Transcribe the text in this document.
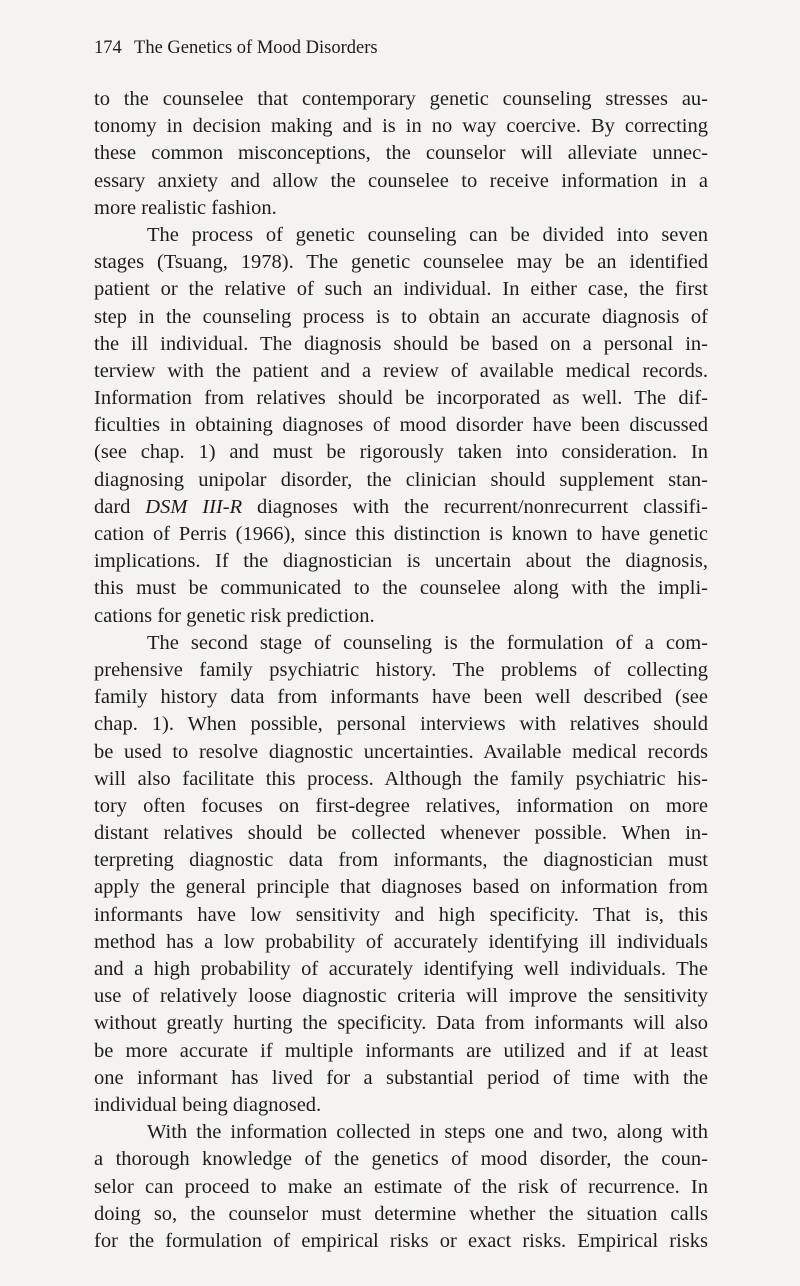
174 The Genetics of Mood Disorders
to the counselee that contemporary genetic counseling stresses au-
tonomy in decision making and is in no way coercive. By correcting
these common misconceptions, the counselor will alleviate unnec-
essary anxiety and allow the counselee to receive information in a
more realistic fashion.
The process of genetic counseling can be divided into seven
stages (Tsuang, 1978). The genetic counselee may be an identified
patient or the relative of such an individual. In either case, the first
step in the counseling process is to obtain an accurate diagnosis of
the ill individual. The diagnosis should be based on a personal in-
terview with the patient and a review of available medical records.
Information from relatives should be incorporated as well. The dif-
ficulties in obtaining diagnoses of mood disorder have been discussed
(see chap. 1) and must be rigorously taken into consideration. In
diagnosing unipolar disorder, the clinician should supplement stan-
dard DSM III-R diagnoses with the recurrent/nonrecurrent classifi-
cation of Perris (1966), since this distinction is known to have genetic
implications. If the diagnostician is uncertain about the diagnosis,
this must be communicated to the counselee along with the impli-
cations for genetic risk prediction.
The second stage of counseling is the formulation of a com-
prehensive family psychiatric history. The problems of collecting
family history data from informants have been well described (see
chap. 1). When possible, personal interviews with relatives should
be used to resolve diagnostic uncertainties. Available medical records
will also facilitate this process. Although the family psychiatric his-
tory often focuses on first-degree relatives, information on more
distant relatives should be collected whenever possible. When in-
terpreting diagnostic data from informants, the diagnostician must
apply the general principle that diagnoses based on information from
informants have low sensitivity and high specificity. That is, this
method has a low probability of accurately identifying ill individuals
and a high probability of accurately identifying well individuals. The
use of relatively loose diagnostic criteria will improve the sensitivity
without greatly hurting the specificity. Data from informants will also
be more accurate if multiple informants are utilized and if at least
one informant has lived for a substantial period of time with the
individual being diagnosed.
With the information collected in steps one and two, along with
a thorough knowledge of the genetics of mood disorder, the coun-
selor can proceed to make an estimate of the risk of recurrence. In
doing so, the counselor must determine whether the situation calls
for the formulation of empirical risks or exact risks. Empirical risks
